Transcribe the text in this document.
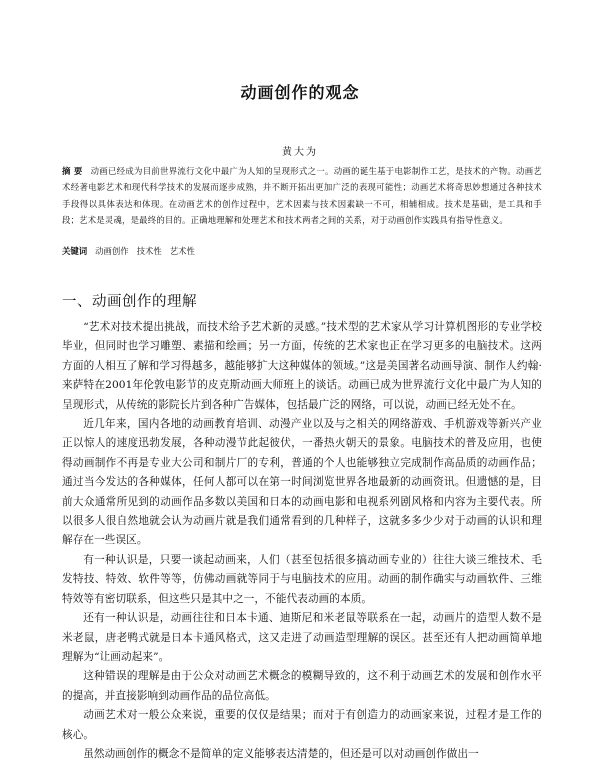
动画创作的观念
黄大为

摘 要 动画已经成为目前世界流行文化中最广为人知的呈现形式之一。动画的诞生基于电影制作工艺，是技术的产物。动画艺术经著电影艺术和现代科学技术的发展而逐步成熟，并不断开拓出更加广泛的表现可能性；动画艺术将奇思妙想通过各种技术手段得以具体表达和体现。在动画艺术的创作过程中，艺术因素与技术因素缺一不可，相辅相成。技术是基础，是工具和手段；艺术是灵魂，是最终的目的。正确地理解和处理艺术和技术两者之间的关系，对于动画创作实践具有指导性意义。

关键词 动画创作 技术性 艺术性

一、动画创作的理解

“艺术对技术提出挑战，而技术给予艺术新的灵感。”技术型的艺术家从学习计算机图形的专业学校毕业，但同时也学习雕塑、素描和绘画；另一方面，传统的艺术家也正在学习更多的电脑技术。这两方面的人相互了解和学习得越多，越能够扩大这种媒体的领域。”这是美国著名动画导演、制作人约翰·来萨特在2001年伦敦电影节的皮克斯动画大师班上的谈话。动画已成为世界流行文化中最广为人知的呈现形式，从传统的影院长片到各种广告媒体，包括最广泛的网络，可以说，动画已经无处不在。

近几年来，国内各地的动画教育培训、动漫产业以及与之相关的网络游戏、手机游戏等新兴产业正以惊人的速度迅勃发展，各种动漫节此起彼伏，一番热火朝天的景象。电脑技术的普及应用，也使得动画制作不再是专业大公司和制片厂的专利，普通的个人也能够独立完成制作高品质的动画作品；通过当今发达的各种媒体，任何人都可以在第一时间浏览世界各地最新的动画资讯。但遗憾的是，目前大众通常所见到的动画作品多数以美国和日本的动画电影和电视系列剧风格和内容为主要代表。所以很多人很自然地就会认为动画片就是我们通常看到的几种样子，这就多多少少对于动画的认识和理解存在一些误区。

有一种认识是，只要一谈起动画来，人们（甚至包括很多搞动画专业的）往往大谈三维技术、毛发特技、特效、软件等等，仿佛动画就等同于与电脑技术的应用。动画的制作确实与动画软件、三维特效等有密切联系，但这些只是其中之一，不能代表动画的本质。

还有一种认识是，动画往往和日本卡通、迪斯尼和米老鼠等联系在一起，动画片的造型人数不是米老鼠，唐老鸭式就是日本卡通风格式，这又走进了动画造型理解的误区。甚至还有人把动画简单地理解为“让画动起来”。

这种错误的理解是由于公众对动画艺术概念的模糊导致的，这不利于动画艺术的发展和创作水平的提高，并直接影响到动画作品的品位高低。

动画艺术对一般公众来说，重要的仅仅是结果；而对于有创造力的动画家来说，过程才是工作的核心。

虽然动画创作的概念不是简单的定义能够表达清楚的，但还是可以对动画创作做出一
